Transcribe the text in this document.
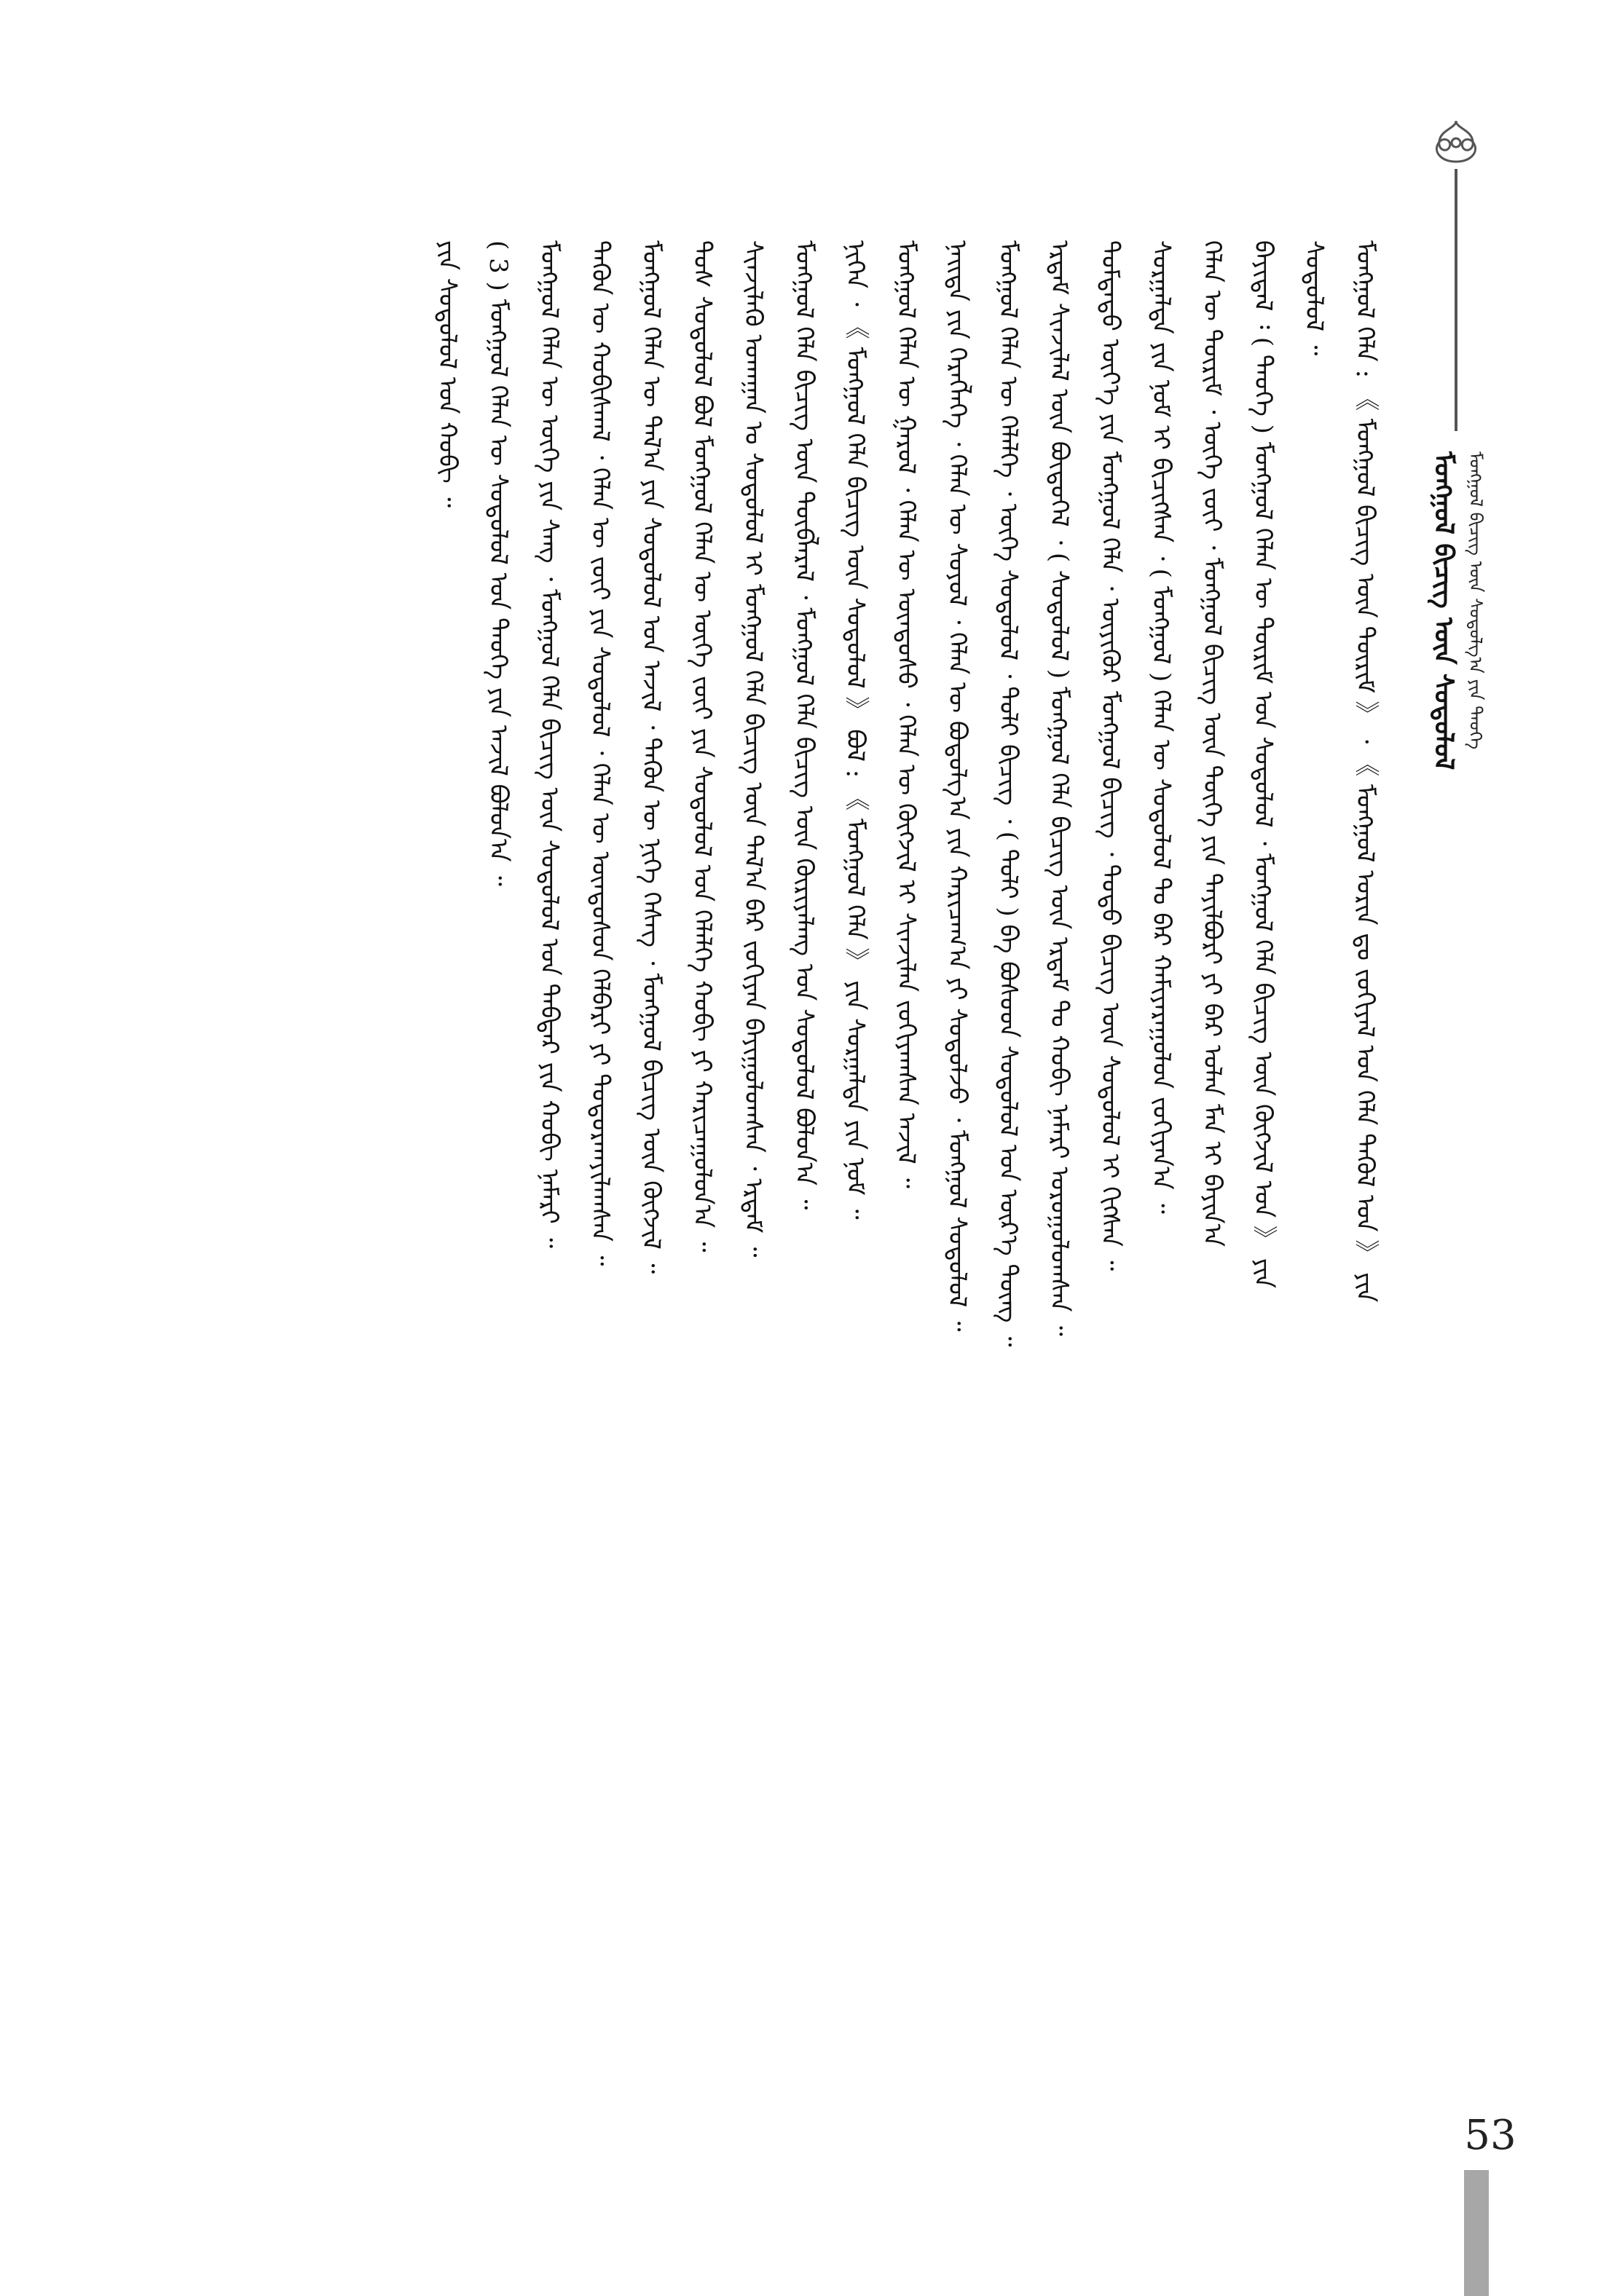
ᠮᠣᠩᠭᠣᠯ ᠪᠢᠴᠢᠭ ᠦᠨ ᠰᠤᠳᠤᠯᠭ᠎ᠠ ᠶᠢᠨ ᠲᠡᠦᠬᠡ
ᠮᠣᠩᠭᠣᠯ ᠪᠢᠴᠢᠭ ᠦᠨ ᠰᠤᠳᠤᠯᠤᠯ
ᠮᠣᠩᠭᠣᠯ ᠬᠡᠯᠡ : 《 ᠮᠣᠩᠭᠣᠯ ᠪᠢᠴᠢᠭ ᠦᠨ ᠳᠦᠷᠢᠮ 》 ᠂ 《 ᠮᠣᠩᠭᠣᠯ ᠤᠷᠢᠨ ᠳᠤ ᠵᠣᠬᠢᠶᠠᠯ ᠤᠨ ᠬᠡᠯᠡ ᠲᠡᠭᠦᠯ ᠤᠨ 》 ᠶᠢᠨ
ᠰᠤᠳᠤᠯᠤᠯ ᠃
ᠪᠠᠶᠢᠳᠠᠯ ᠄ ( ᠲᠡᠦᠬᠡ ) ᠮᠣᠩᠭᠣᠯ ᠬᠡᠯᠡᠨ ᠦ ᠳᠦᠷᠢᠮ ᠤᠨ ᠰᠤᠳᠤᠯᠤᠯ ᠂ ᠮᠣᠩᠭᠣᠯ ᠬᠡᠯᠡ ᠪᠢᠴᠢᠭ ᠦᠨ ᠬᠥᠭᠵᠢᠯ ᠤᠨ 》 ᠶᠢᠨ
ᠬᠡᠯᠡᠨ ᠦ ᠳᠦᠷᠢᠮ ᠂ ᠦᠭᠡ ᠵᠦᠢ ᠂ ᠮᠣᠩᠭᠣᠯ ᠪᠢᠴᠢᠭ ᠦᠨ ᠲᠦᠬᠡ ᠶᠢᠨ ᠲᠠᠶᠢᠯᠪᠤᠷᠢ ᠶᠢ ᠪᠠᠷ ᠣᠯᠠᠨ ᠮᠠᠨ ᠢ ᠪᠠᠶᠢᠨ᠎ᠠ
ᠰᠤᠷᠭᠠᠯᠲᠠ ᠶᠢᠨ ᠨᠣᠮ ᠢ ᠪᠢᠴᠢᠭᠰᠡᠨ ᠂ ( ᠮᠣᠩᠭᠣᠯ ) ᠬᠡᠯᠡᠨ ᠦ ᠰᠤᠳᠤᠯᠤᠯ ᠲᠤ ᠪᠠᠷ ᠬᠠᠮᠢᠶᠠᠷᠠᠭᠤᠯᠤᠨ ᠵᠣᠬᠢᠶᠠᠨ᠎ᠠ ᠃
ᠳᠤᠮᠳᠠᠳᠤ ᠦᠶ᠎ᠡ ᠶᠢᠨ ᠮᠣᠩᠭᠣᠯ ᠬᠡᠯᠡ ᠂ ᠦᠶᠢᠭᠦᠷ ᠮᠣᠩᠭᠣᠯ ᠪᠢᠴᠢᠭ ᠂ ᠲᠣᠳᠣ ᠪᠢᠴᠢᠭ ᠦᠨ ᠰᠤᠳᠤᠯᠤᠯ ᠢ ᠬᠢᠭᠰᠡᠨ ᠃
ᠡᠷᠳᠡᠮ ᠰᠢᠨᠵᠢᠯᠡᠯ ᠦᠨ ᠪᠦᠲᠦᠭᠡᠯ ᠂ ( ᠰᠤᠳᠤᠯᠤᠯ ) ᠮᠣᠩᠭᠣᠯ ᠬᠡᠯᠡ ᠪᠢᠴᠢᠭ ᠦᠨ ᠡᠷᠳᠡᠮ ᠲᠤ ᠬᠤᠪᠢ ᠨᠡᠮᠡᠷᠢ ᠣᠷᠣᠭᠤᠯᠤᠭᠰᠠᠨ ᠃
ᠮᠣᠩᠭᠣᠯ ᠬᠡᠯᠡᠨ ᠦ ᠬᠡᠯᠡᠯᠭᠡ ᠂ ᠦᠭᠡ ᠰᠤᠳᠤᠯᠤᠯ ᠂ ᠲᠣᠯᠢ ᠪᠢᠴᠢᠭ ᠂ ( ᠲᠣᠯᠢ ) ᠪᠠ ᠪᠤᠰᠤᠳ ᠰᠤᠳᠤᠯᠤᠯ ᠤᠨ ᠦᠷ᠎ᠡ ᠳᠦᠩ ᠃
ᠨᠡᠢᠲᠡ ᠶᠢᠨ ᠬᠡᠷᠡᠭᠯᠡᠭᠡ ᠂ ᠬᠡᠯᠡᠨ ᠦ ᠰᠣᠶᠣᠯ ᠂ ᠬᠡᠯᠡᠨ ᠦ ᠪᠣᠳᠣᠯᠭ᠎ᠠ ᠶᠢᠨ ᠬᠠᠷᠢᠴᠠᠭ᠎ᠠ ᠶᠢ ᠰᠤᠳᠤᠯᠵᠤ ᠂ ᠮᠣᠩᠭᠣᠯ ᠰᠤᠳᠤᠯᠤᠯ ᠃
ᠮᠣᠩᠭᠣᠯ ᠬᠡᠯᠡᠨ ᠦ ᠭᠠᠷᠤᠯ ᠂ ᠬᠡᠯᠡᠨ ᠦ ᠦᠨᠳᠦᠰᠦ ᠂ ᠬᠡᠯᠡᠨ ᠦ ᠬᠥᠭᠵᠢᠯ ᠢ ᠰᠢᠨᠵᠢᠯᠡᠨ ᠵᠣᠬᠢᠶᠠᠭᠰᠠᠨ ᠠᠵᠢᠯ ᠃
ᠨᠢᠭᠡᠨ ᠂ 《 ᠮᠣᠩᠭᠣᠯ ᠬᠡᠯᠡ ᠪᠢᠴᠢᠭ ᠦᠨ ᠰᠤᠳᠤᠯᠤᠯ 》 ᠪᠣᠯ : 《 ᠮᠣᠩᠭᠣᠯ ᠬᠡᠯᠡ 》 ᠶᠢᠨ ᠰᠤᠷᠭᠠᠯᠲᠠ ᠶᠢᠨ ᠨᠣᠮ ᠃
ᠮᠣᠩᠭᠣᠯ ᠬᠡᠯᠡ ᠪᠢᠴᠢᠭ ᠦᠨ ᠲᠦᠪᠯᠡᠷᠡᠯ ᠂ ᠮᠣᠩᠭᠣᠯ ᠬᠡᠯᠡ ᠪᠢᠴᠢᠭ ᠦᠨ ᠬᠦᠷᠢᠶᠡᠯᠡᠩ ᠤᠨ ᠰᠤᠳᠤᠯᠤᠯ ᠪᠣᠯᠤᠨ᠎ᠠ ᠃
ᠰᠢᠨᠵᠢᠯᠡᠬᠦ ᠤᠬᠠᠭᠠᠨ ᠤ ᠰᠤᠳᠤᠯᠤᠯ ᠢ ᠮᠣᠩᠭᠣᠯ ᠬᠡᠯᠡ ᠪᠢᠴᠢᠭ ᠦᠨ ᠲᠠᠯ᠎ᠠ ᠪᠠᠷ ᠵᠣᠬᠢᠶᠠᠨ ᠪᠠᠶᠢᠭᠤᠯᠤᠭᠰᠠᠨ ᠂ ᠡᠷᠳᠡᠮ ᠃
ᠲᠤᠰ ᠰᠤᠳᠤᠯᠤᠯ ᠪᠣᠯ ᠮᠣᠩᠭᠣᠯ ᠬᠡᠯᠡᠨ ᠦ ᠦᠭᠡ ᠵᠦᠢ ᠶᠢᠨ ᠰᠤᠳᠤᠯᠤᠯ ᠤᠨ ᠬᠡᠯᠡᠯᠭᠡ ᠬᠤᠪᠢ ᠶᠢ ᠬᠠᠷᠢᠴᠠᠭᠤᠯᠤᠨ᠎ᠠ ᠃
ᠮᠣᠩᠭᠣᠯ ᠬᠡᠯᠡᠨ ᠦ ᠲᠠᠯ᠎ᠠ ᠶᠢᠨ ᠰᠤᠳᠤᠯᠤᠯ ᠤᠨ ᠠᠵᠢᠯ ᠂ ᠲᠡᠭᠦᠨ ᠦ ᠨᠢᠭᠡ ᠬᠡᠰᠡᠭ ᠂ ᠮᠣᠩᠭᠣᠯ ᠪᠢᠴᠢᠭ ᠦᠨ ᠬᠥᠭᠵᠢᠯ ᠃
ᠲᠡᠭᠦᠨ ᠦ ᠬᠤᠪᠢᠰᠬᠠᠯ ᠂ ᠬᠡᠯᠡᠨ ᠦ ᠵᠦᠢ ᠶᠢᠨ ᠰᠤᠳᠤᠯᠤᠯ ᠂ ᠬᠡᠯᠡᠨ ᠦ ᠦᠨᠳᠦᠰᠦᠨ ᠬᠡᠯᠪᠡᠷᠢ ᠶᠢ ᠲᠣᠳᠣᠷᠬᠠᠶᠢᠯᠠᠭᠰᠠᠨ ᠃
ᠮᠣᠩᠭᠣᠯ ᠬᠡᠯᠡᠨ ᠦ ᠦᠭᠡ ᠶᠢᠨ ᠰᠠᠩ ᠂ ᠮᠣᠩᠭᠣᠯ ᠬᠡᠯᠡ ᠪᠢᠴᠢᠭ ᠦᠨ ᠰᠤᠳᠤᠯᠤᠯ ᠤᠨ ᠳᠡᠪᠲᠡᠷ ᠶᠢᠨ ᠬᠤᠪᠢ ᠨᠡᠮᠡᠷᠢ ᠃
( 3 ) ᠮᠣᠩᠭᠣᠯ ᠬᠡᠯᠡᠨ ᠦ ᠰᠤᠳᠤᠯᠤᠯ ᠤᠨ ᠲᠡᠦᠬᠡ ᠶᠢᠨ ᠠᠵᠢᠯ ᠪᠣᠯᠤᠨ᠎ᠠ ᠃
ᠶᠢᠨ ᠰᠤᠳᠤᠯᠤᠯ ᠤᠨ ᠬᠤᠪᠢ ᠃
53
